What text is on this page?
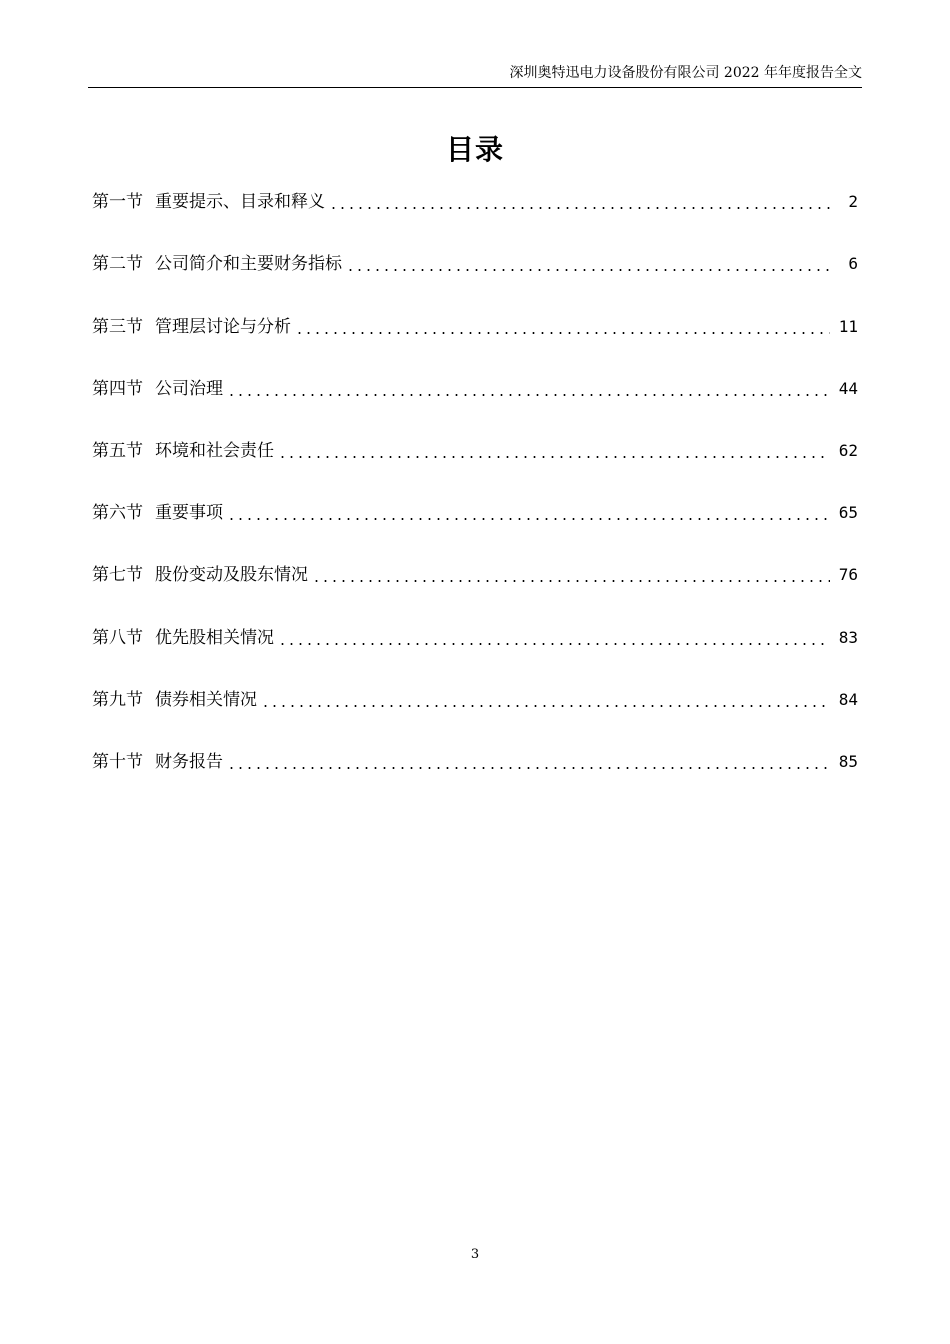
深圳奥特迅电力设备股份有限公司 2022 年年度报告全文
目录
第一节 重要提示、目录和释义	2
第二节 公司简介和主要财务指标	6
第三节 管理层讨论与分析	11
第四节 公司治理	44
第五节 环境和社会责任	62
第六节 重要事项	65
第七节 股份变动及股东情况	76
第八节 优先股相关情况	83
第九节 债券相关情况	84
第十节 财务报告	85
3
